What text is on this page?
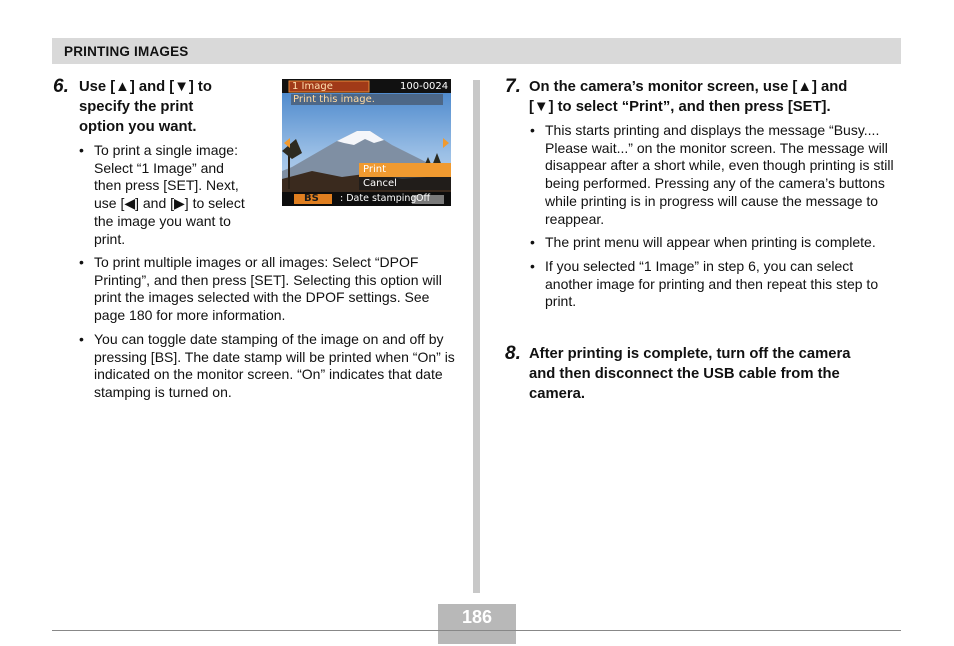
PRINTING IMAGES
6. Use [▲] and [▼] to
specify the print
option you want.
• To print a single image:
Select “1 Image” and
then press [SET]. Next,
use [◀] and [▶] to select
the image you want to
print.
• To print multiple images or all images: Select “DPOF Printing”, and then press [SET]. Selecting this option will print the images selected with the DPOF settings. See page 180 for more information.
• You can toggle date stamping of the image on and off by pressing [BS]. The date stamp will be printed when “On” is indicated on the monitor screen. “On” indicates that date stamping is turned on.
1 Image	100-0024
Print this image.
Print
Cancel
BS : Date stamping Off
7. On the camera’s monitor screen, use [▲] and
[▼] to select “Print”, and then press [SET].
• This starts printing and displays the message “Busy.... Please wait...” on the monitor screen. The message will disappear after a short while, even though printing is still being performed. Pressing any of the camera’s buttons while printing is in progress will cause the message to reappear.
• The print menu will appear when printing is complete.
• If you selected “1 Image” in step 6, you can select another image for printing and then repeat this step to print.
8. After printing is complete, turn off the camera
and then disconnect the USB cable from the
camera.
186
